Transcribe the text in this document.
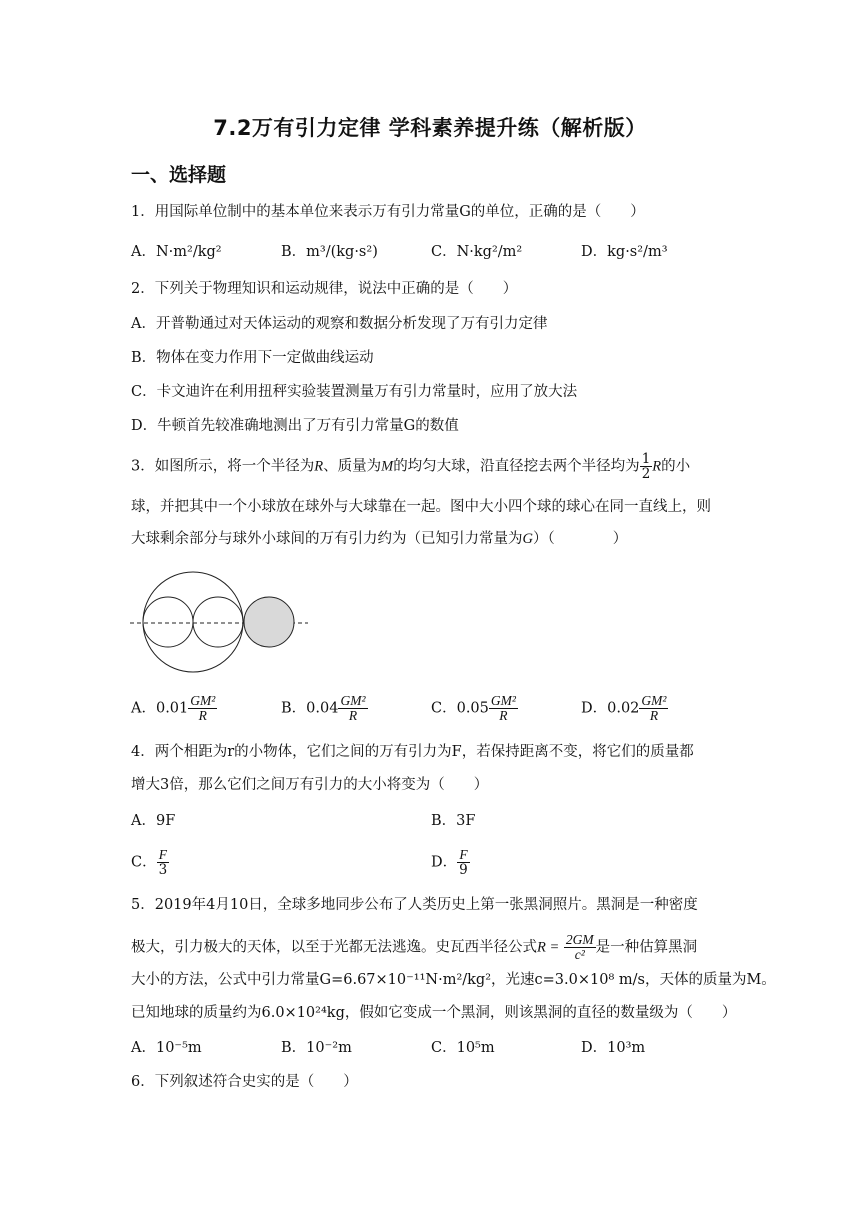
7.2万有引力定律 学科素养提升练（解析版）
一、选择题
1．用国际单位制中的基本单位来表示万有引力常量G的单位，正确的是（　　）
A．N·m²/kg²	B．m³/(kg·s²)	C．N·kg²/m²	D．kg·s²/m³
2．下列关于物理知识和运动规律，说法中正确的是（　　）
A．开普勒通过对天体运动的观察和数据分析发现了万有引力定律
B．物体在变力作用下一定做曲线运动
C．卡文迪许在利用扭秤实验装置测量万有引力常量时，应用了放大法
D．牛顿首先较准确地测出了万有引力常量G的数值
3．如图所示，将一个半径为R、质量为M的均匀大球，沿直径挖去两个半径均为 $\frac{1}{2}$ R的小
球，并把其中一个小球放在球外与大球靠在一起。图中大小四个球的球心在同一直线上，则
大球剩余部分与球外小球间的万有引力约为（已知引力常量为G）（　　　　）
A．$0.01 \frac{\text{GM²}}{R}$	B．$0.04 \frac{\text{GM²}}{R}$	C．$0.05 \frac{\text{GM²}}{R}$	D．$0.02 \frac{\text{GM²}}{R}$
4．两个相距为r的小物体，它们之间的万有引力为F，若保持距离不变，将它们的质量都
增大3倍，那么它们之间万有引力的大小将变为（　　）
A．9F	B．3F
C． $\frac{F}{3}$	D． $\frac{F}{9}$
5．2019年4月10日，全球多地同步公布了人类历史上第一张黑洞照片。黑洞是一种密度
极大，引力极大的天体，以至于光都无法逃逸。史瓦西半径公式$R = \frac{2GM}{\text{c²}}$ 是一种估算黑洞
大小的方法，公式中引力常量G=6.67×10⁻¹¹N·m²/kg²，光速c=3.0×10⁸ m/s，天体的质量为M。
已知地球的质量约为6.0×10²⁴kg，假如它变成一个黑洞，则该黑洞的直径的数量级为（　　）
A．10⁻⁵m	B．10⁻²m	C．10⁵m	D．10³m
6．下列叙述符合史实的是（　　）
